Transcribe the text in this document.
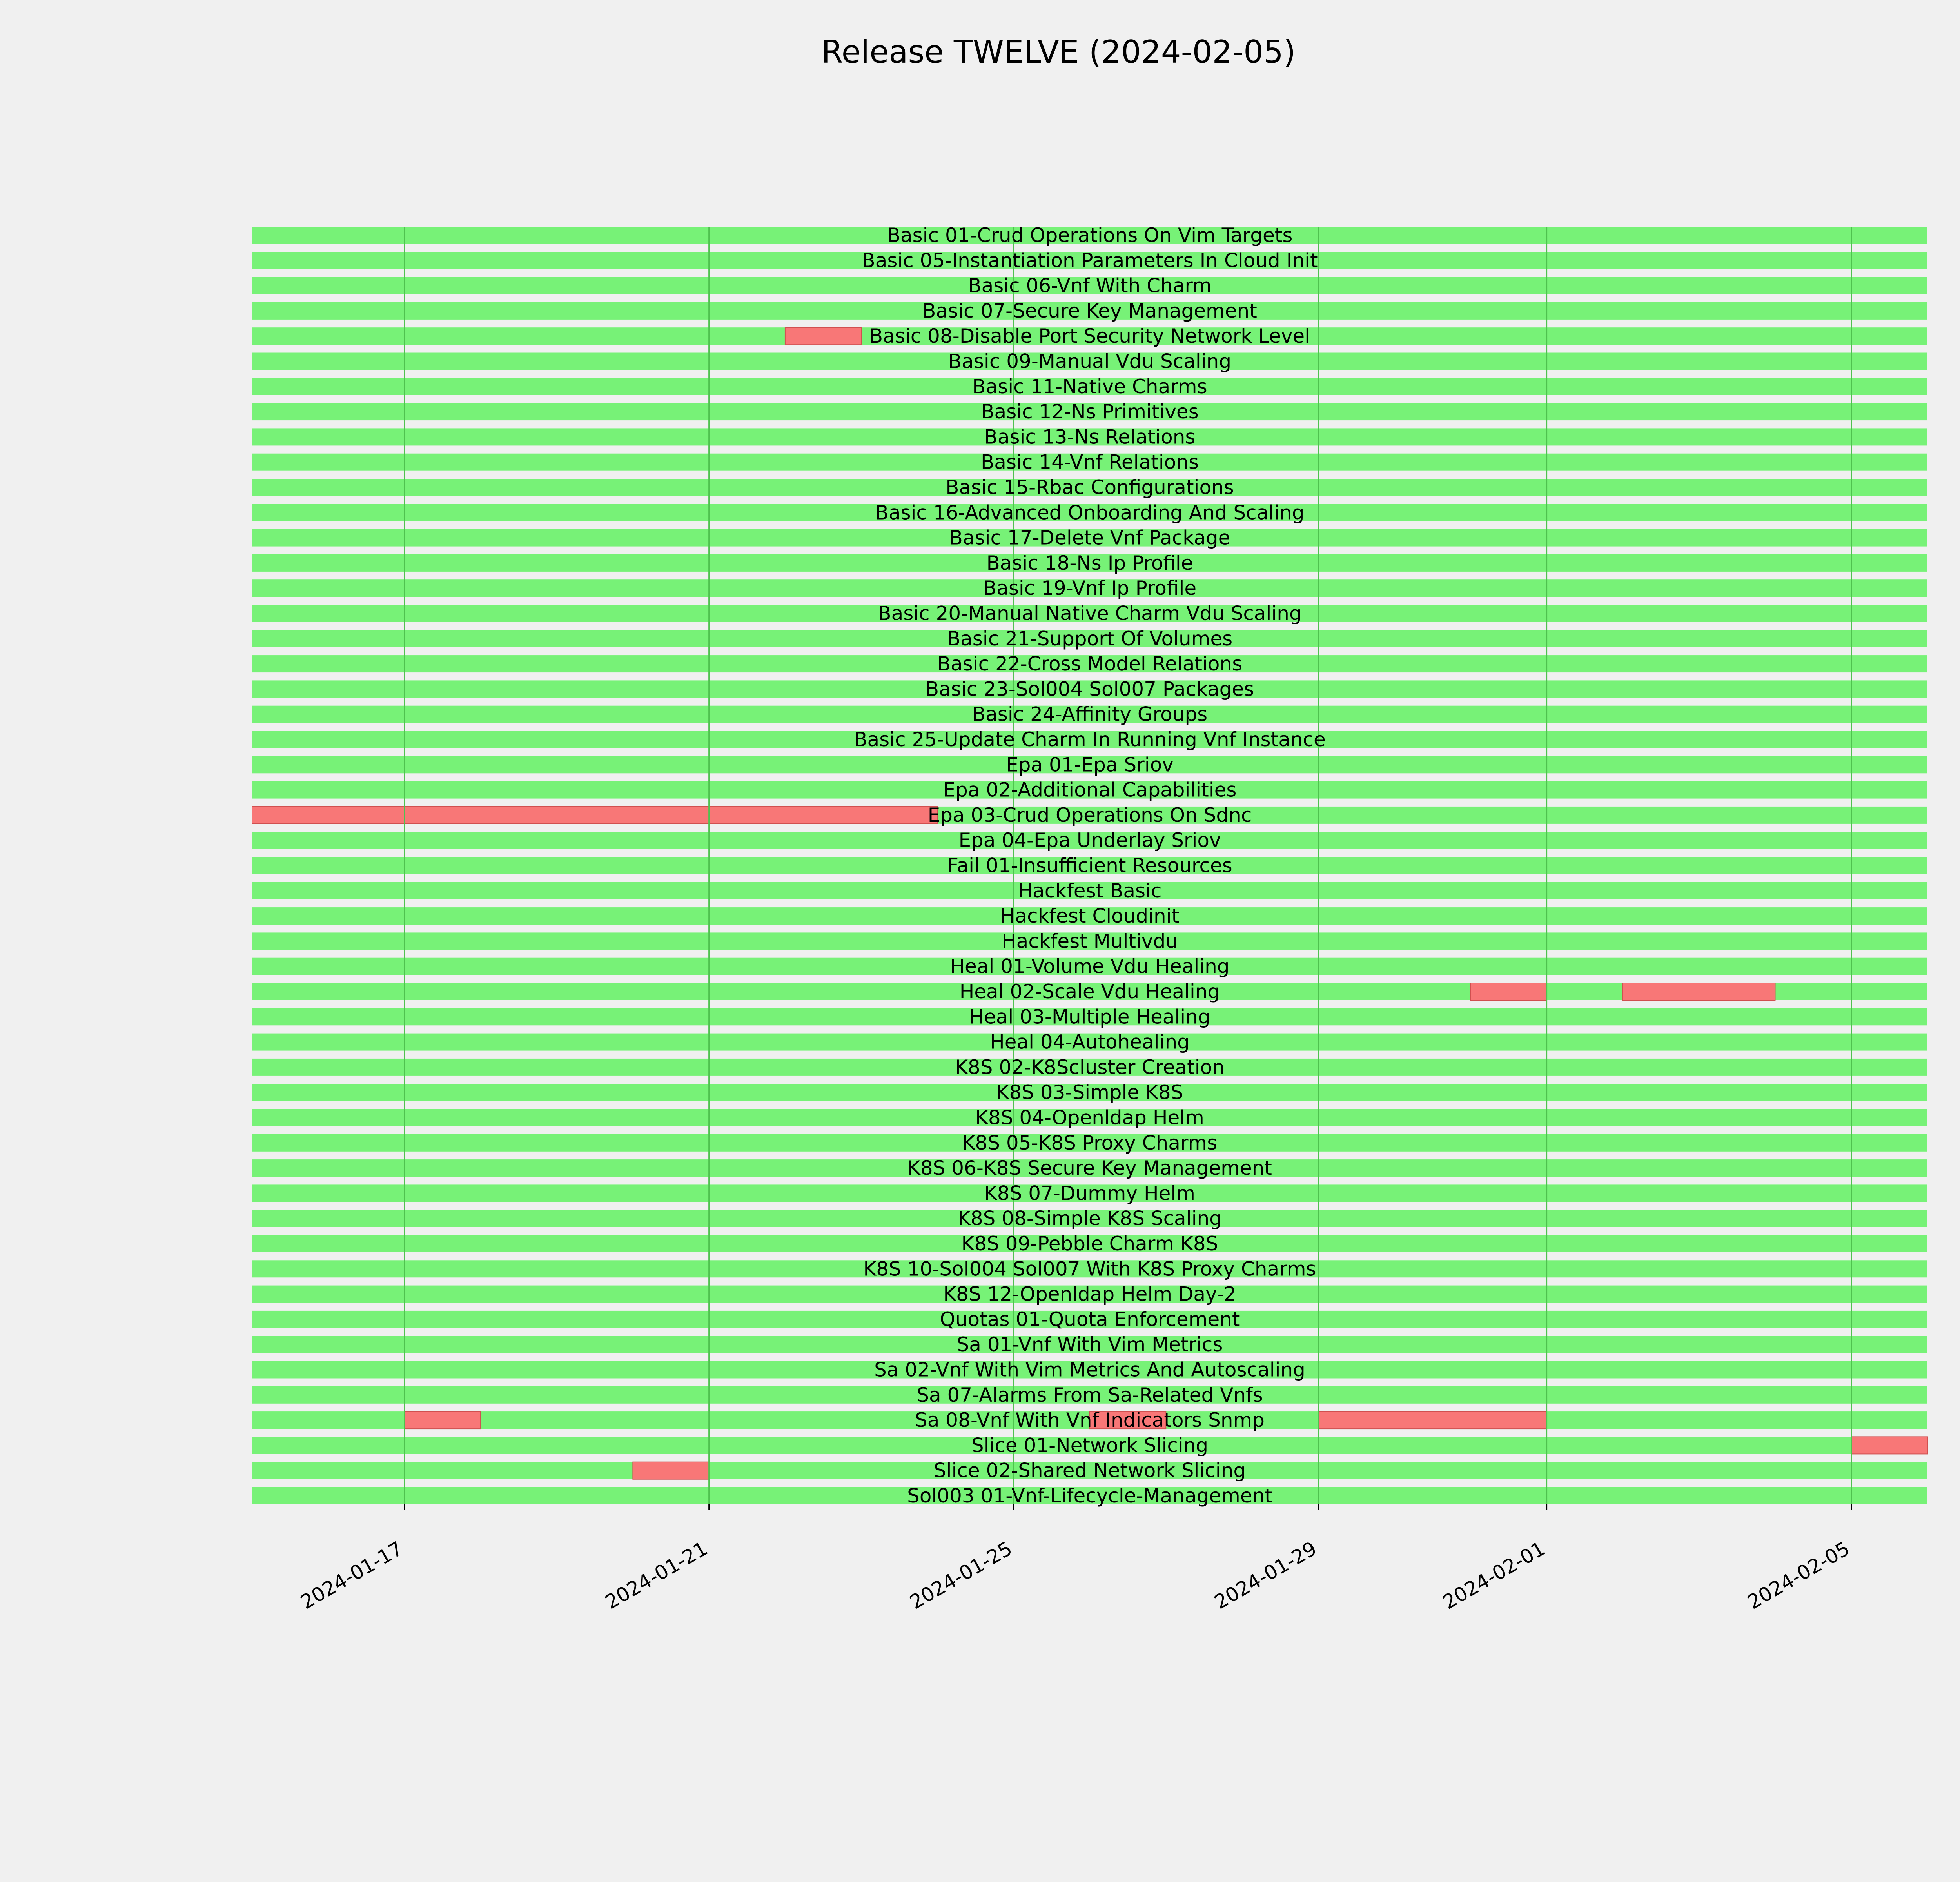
Release TWELVE (2024-02-05)
Basic 01-Crud Operations On Vim Targets
Basic 05-Instantiation Parameters In Cloud Init
Basic 06-Vnf With Charm
Basic 07-Secure Key Management
Basic 08-Disable Port Security Network Level
Basic 09-Manual Vdu Scaling
Basic 11-Native Charms
Basic 12-Ns Primitives
Basic 13-Ns Relations
Basic 14-Vnf Relations
Basic 15-Rbac Configurations
Basic 16-Advanced Onboarding And Scaling
Basic 17-Delete Vnf Package
Basic 18-Ns Ip Profile
Basic 19-Vnf Ip Profile
Basic 20-Manual Native Charm Vdu Scaling
Basic 21-Support Of Volumes
Basic 22-Cross Model Relations
Basic 23-Sol004 Sol007 Packages
Basic 24-Affinity Groups
Basic 25-Update Charm In Running Vnf Instance
Epa 01-Epa Sriov
Epa 02-Additional Capabilities
Epa 03-Crud Operations On Sdnc
Epa 04-Epa Underlay Sriov
Fail 01-Insufficient Resources
Hackfest Basic
Hackfest Cloudinit
Hackfest Multivdu
Heal 01-Volume Vdu Healing
Heal 02-Scale Vdu Healing
Heal 03-Multiple Healing
Heal 04-Autohealing
K8S 02-K8Scluster Creation
K8S 03-Simple K8S
K8S 04-Openldap Helm
K8S 05-K8S Proxy Charms
K8S 06-K8S Secure Key Management
K8S 07-Dummy Helm
K8S 08-Simple K8S Scaling
K8S 09-Pebble Charm K8S
K8S 10-Sol004 Sol007 With K8S Proxy Charms
K8S 12-Openldap Helm Day-2
Quotas 01-Quota Enforcement
Sa 01-Vnf With Vim Metrics
Sa 02-Vnf With Vim Metrics And Autoscaling
Sa 07-Alarms From Sa-Related Vnfs
Sa 08-Vnf With Vnf Indicators Snmp
Slice 01-Network Slicing
Slice 02-Shared Network Slicing
Sol003 01-Vnf-Lifecycle-Management
2024-01-17	2024-01-21	2024-01-25	2024-01-29	2024-02-01	2024-02-05
